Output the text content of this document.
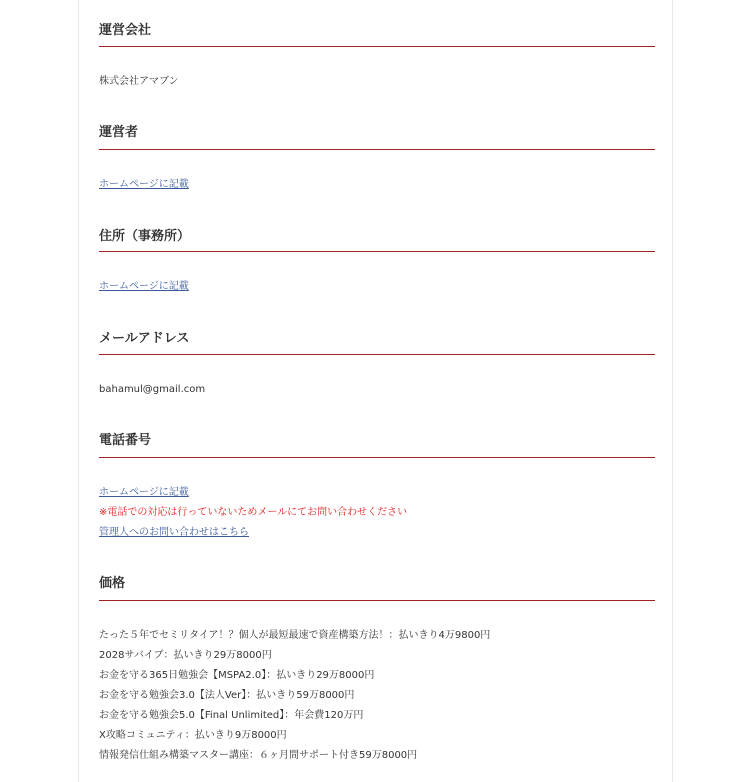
運営会社
株式会社アマブン
運営者
ホームページに記載
住所（事務所）
ホームページに記載
メールアドレス
bahamul@gmail.com
電話番号
ホームページに記載
※電話での対応は行っていないためメールにてお問い合わせください
管理人へのお問い合わせはこちら
価格
たった５年でセミリタイア！？個人が最短最速で資産構築方法！：払いきり4万9800円
2028サバイブ：払いきり29万8000円
お金を守る365日勉強会【MSPA2.0】：払いきり29万8000円
お金を守る勉強会3.0【法人Ver】：払いきり59万8000円
お金を守る勉強会5.0【Final Unlimited】：年会費120万円
X攻略コミュニティ：払いきり9万8000円
情報発信仕組み構築マスター講座：６ヶ月間サポート付き59万8000円
